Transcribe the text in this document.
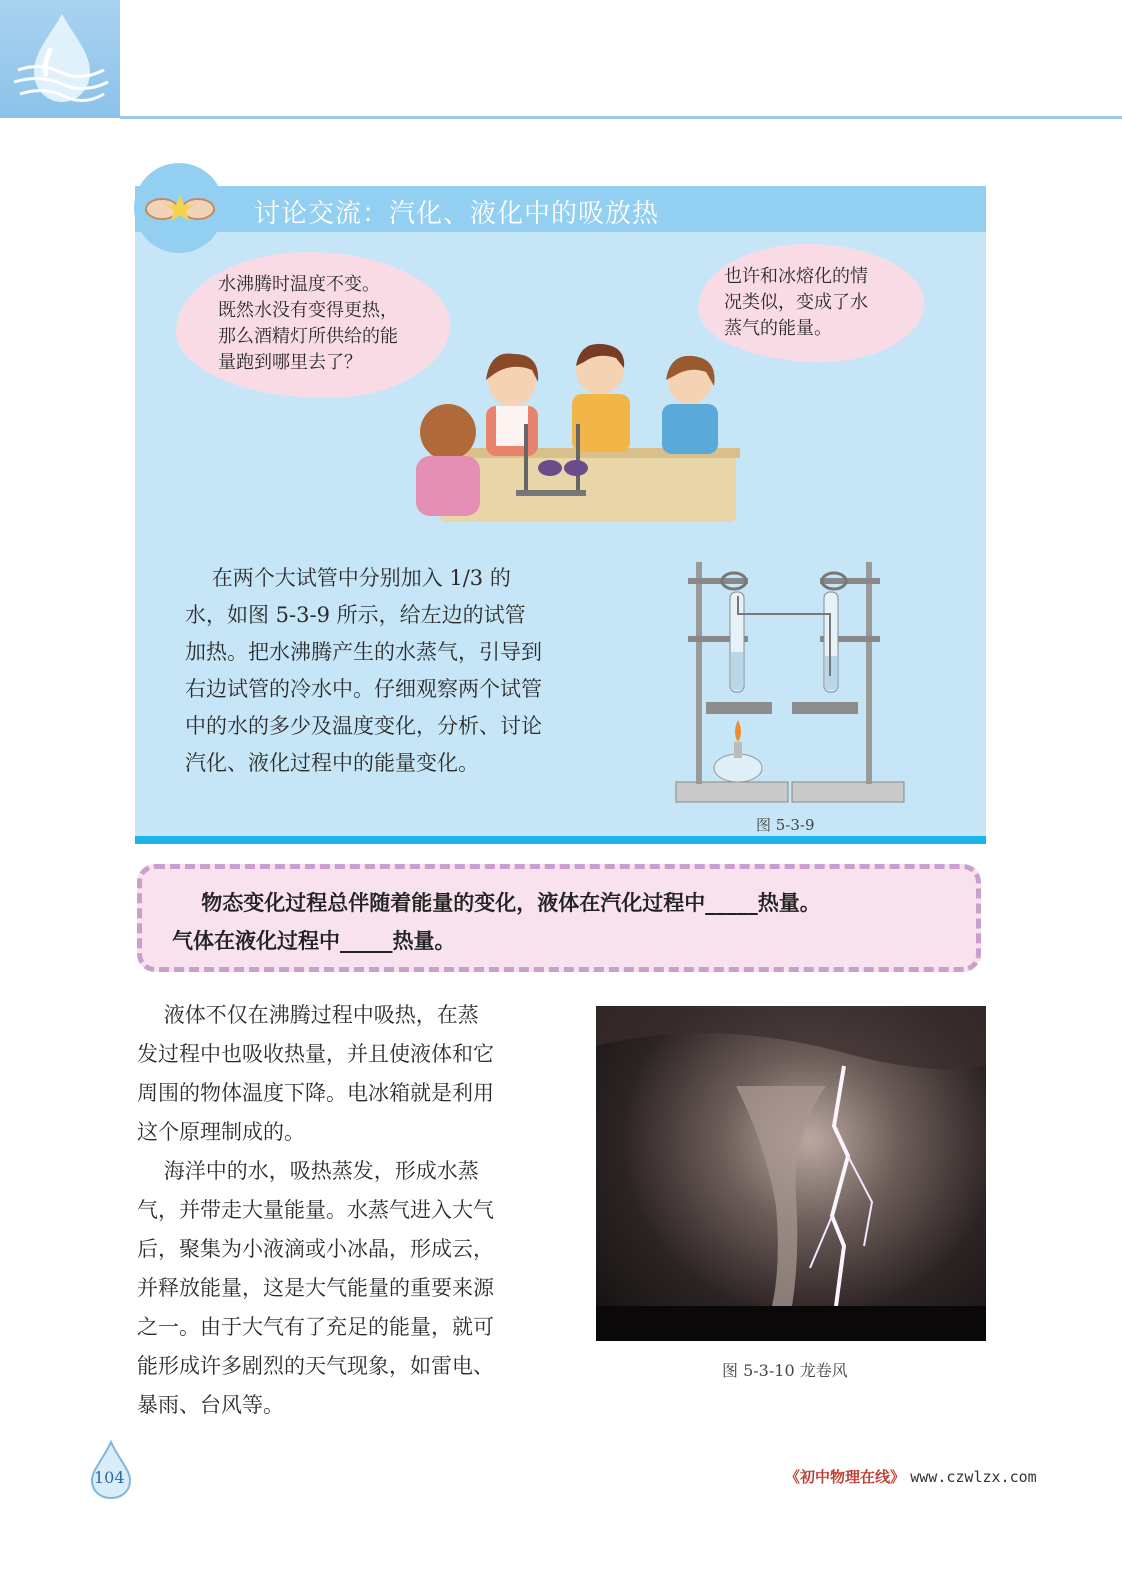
讨论交流：汽化、液化中的吸放热
水沸腾时温度不变。
既然水没有变得更热，
那么酒精灯所供给的能
量跑到哪里去了？
也许和冰熔化的情
况类似，变成了水
蒸气的能量。
在两个大试管中分别加入 1/3 的
水，如图 5-3-9 所示，给左边的试管
加热。把水沸腾产生的水蒸气，引导到
右边试管的冷水中。仔细观察两个试管
中的水的多少及温度变化，分析、讨论
汽化、液化过程中的能量变化。
图 5-3-9
物态变化过程总伴随着能量的变化，液体在汽化过程中_____热量。
气体在液化过程中_____热量。
液体不仅在沸腾过程中吸热，在蒸
发过程中也吸收热量，并且使液体和它
周围的物体温度下降。电冰箱就是利用
这个原理制成的。
海洋中的水，吸热蒸发，形成水蒸
气，并带走大量能量。水蒸气进入大气
后，聚集为小液滴或小冰晶，形成云，
并释放能量，这是大气能量的重要来源
之一。由于大气有了充足的能量，就可
能形成许多剧烈的天气现象，如雷电、
暴雨、台风等。
图 5-3-10 龙卷风
104	《初中物理在线》 www.czwlzx.com
